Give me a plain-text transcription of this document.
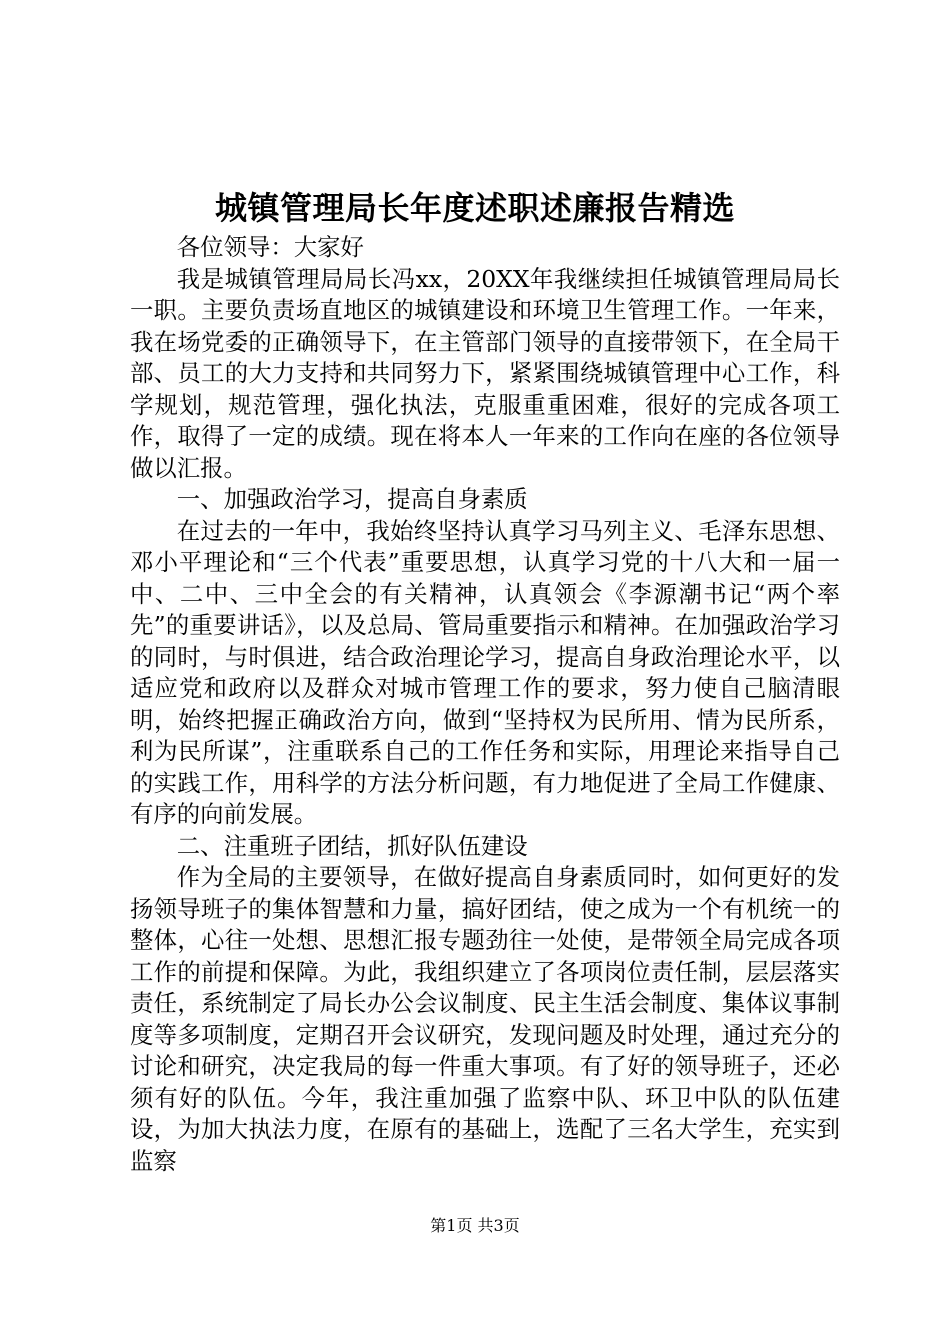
城镇管理局长年度述职述廉报告精选

各位领导：大家好

我是城镇管理局局长冯xx，20XX年我继续担任城镇管理局局长一职。主要负责场直地区的城镇建设和环境卫生管理工作。一年来，我在场党委的正确领导下，在主管部门领导的直接带领下，在全局干部、员工的大力支持和共同努力下，紧紧围绕城镇管理中心工作，科学规划，规范管理，强化执法，克服重重困难，很好的完成各项工作，取得了一定的成绩。现在将本人一年来的工作向在座的各位领导做以汇报。

一、加强政治学习，提高自身素质

在过去的一年中，我始终坚持认真学习马列主义、毛泽东思想、邓小平理论和“三个代表”重要思想，认真学习党的十八大和一届一中、二中、三中全会的有关精神，认真领会《李源潮书记“两个率先”的重要讲话》，以及总局、管局重要指示和精神。在加强政治学习的同时，与时俱进，结合政治理论学习，提高自身政治理论水平，以适应党和政府以及群众对城市管理工作的要求，努力使自己脑清眼明，始终把握正确政治方向，做到“坚持权为民所用、情为民所系，利为民所谋”，注重联系自己的工作任务和实际，用理论来指导自己的实践工作，用科学的方法分析问题，有力地促进了全局工作健康、有序的向前发展。

二、注重班子团结，抓好队伍建设

作为全局的主要领导，在做好提高自身素质同时，如何更好的发扬领导班子的集体智慧和力量，搞好团结，使之成为一个有机统一的整体，心往一处想、思想汇报专题劲往一处使，是带领全局完成各项工作的前提和保障。为此，我组织建立了各项岗位责任制，层层落实责任，系统制定了局长办公会议制度、民主生活会制度、集体议事制度等多项制度，定期召开会议研究，发现问题及时处理，通过充分的讨论和研究，决定我局的每一件重大事项。有了好的领导班子，还必须有好的队伍。今年，我注重加强了监察中队、环卫中队的队伍建设，为加大执法力度，在原有的基础上，选配了三名大学生，充实到监察

第1页 共3页
